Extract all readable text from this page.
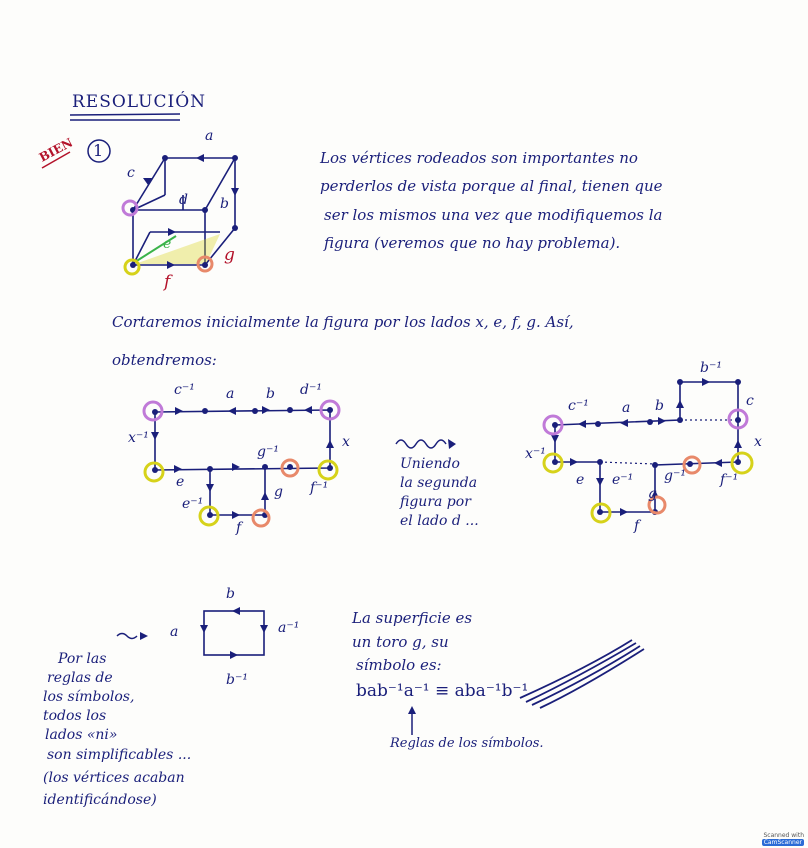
RESOLUCIÓN
BIEN 1
a
c
d b
e
g
f
Los vértices rodeados son importantes no
perderlos de vista porque al final, tienen que
ser los mismos una vez que modifiquemos la
figura (veremos que no hay problema).
Cortaremos inicialmente la figura por los lados x, e, f, g. Así,
obtendremos:
c⁻¹ a b d⁻¹
x⁻¹	x
g⁻¹
e	f⁻¹
e⁻¹
g
f
Uniendo
la segunda
figura por
el lado d ...
b⁻¹
c⁻¹ a b	c
x⁻¹
x
e e⁻¹ g⁻¹ f⁻¹
g
f
b
a	a⁻¹
b⁻¹
La superficie es
un toro g, su
símbolo es:
bab⁻¹a⁻¹ ≡ aba⁻¹b⁻¹
Reglas de los símbolos.
Por las
reglas de
los símbolos,
todos los
lados «ni»
son simplificables ...
(los vértices acaban
identificándose)
Scanned with
CamScanner
